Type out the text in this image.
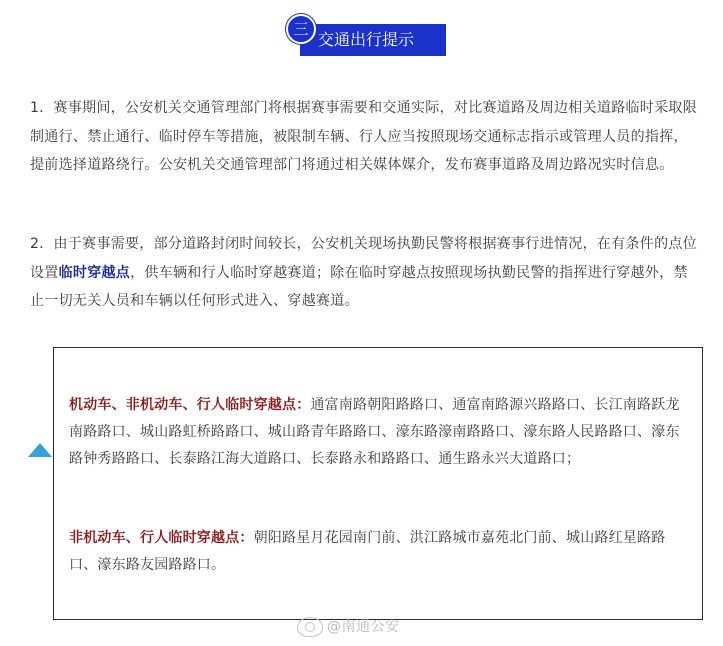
三
交通出行提示
1．赛事期间，公安机关交通管理部门将根据赛事需要和交通实际，对比赛道路及周边相关道路临时采取限制通行、禁止通行、临时停车等措施，被限制车辆、行人应当按照现场交通标志指示或管理人员的指挥，提前选择道路绕行。公安机关交通管理部门将通过相关媒体媒介，发布赛事道路及周边路况实时信息。
2．由于赛事需要，部分道路封闭时间较长，公安机关现场执勤民警将根据赛事行进情况，在有条件的点位设置临时穿越点，供车辆和行人临时穿越赛道；除在临时穿越点按照现场执勤民警的指挥进行穿越外，禁止一切无关人员和车辆以任何形式进入、穿越赛道。
机动车、非机动车、行人临时穿越点：通富南路朝阳路路口、通富南路源兴路路口、长江南路跃龙南路路口、城山路虹桥路路口、城山路青年路路口、濠东路濠南路路口、濠东路人民路路口、濠东路钟秀路路口、长泰路江海大道路口、长泰路永和路路口、通生路永兴大道路口；
非机动车、行人临时穿越点：朝阳路星月花园南门前、洪江路城市嘉苑北门前、城山路红星路路口、濠东路友园路路口。
@南通公安
